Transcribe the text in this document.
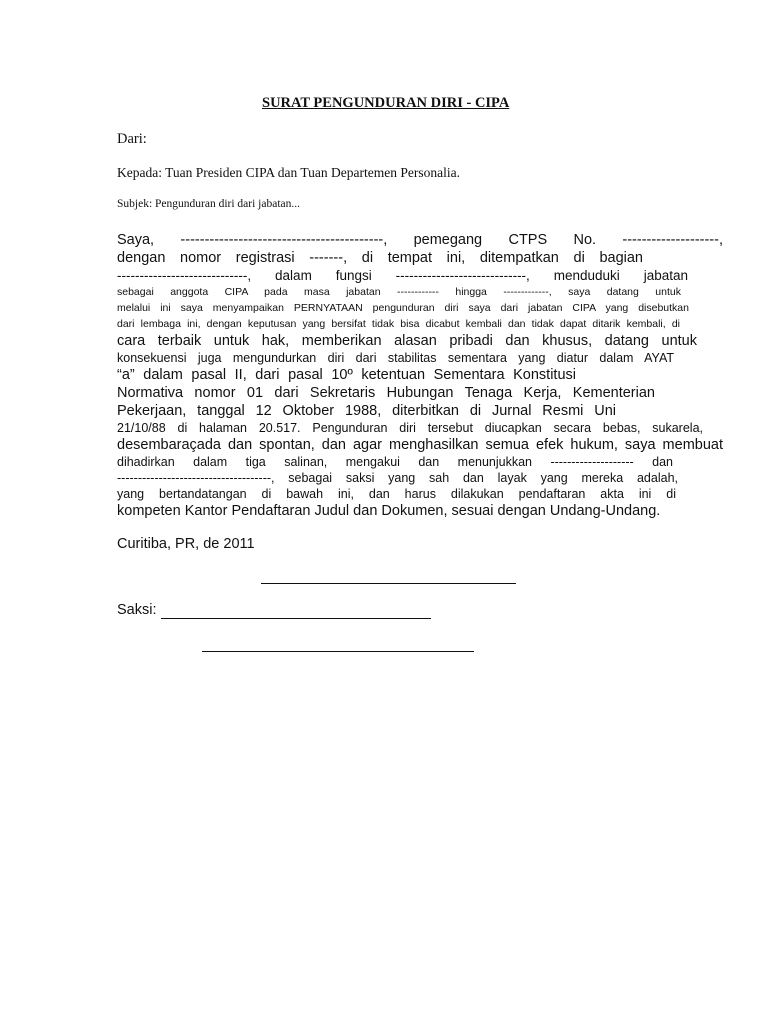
SURAT PENGUNDURAN DIRI - CIPA
Dari:
Kepada: Tuan Presiden CIPA dan Tuan Departemen Personalia.
Subjek: Pengunduran diri dari jabatan...
Saya, ------------------------------------------, pemegang CTPS No. --------------------,
dengan nomor registrasi -------, di tempat ini, ditempatkan di bagian
-----------------------------, dalam fungsi -----------------------------, menduduki jabatan
sebagai anggota CIPA pada masa jabatan ------------ hingga -------------, saya datang untuk
melalui ini saya menyampaikan PERNYATAAN pengunduran diri saya dari jabatan CIPA yang disebutkan
dari lembaga ini, dengan keputusan yang bersifat tidak bisa dicabut kembali dan tidak dapat ditarik kembali, di
cara terbaik untuk hak, memberikan alasan pribadi dan khusus, datang untuk
konsekuensi juga mengundurkan diri dari stabilitas sementara yang diatur dalam AYAT
“a” dalam pasal II, dari pasal 10º ketentuan Sementara Konstitusi
Normativa nomor 01 dari Sekretaris Hubungan Tenaga Kerja, Kementerian
Pekerjaan, tanggal 12 Oktober 1988, diterbitkan di Jurnal Resmi Uni
21/10/88 di halaman 20.517. Pengunduran diri tersebut diucapkan secara bebas, sukarela,
desembaraçada dan spontan, dan agar menghasilkan semua efek hukum, saya membuat
dihadirkan dalam tiga salinan, mengakui dan menunjukkan -------------------- dan
-------------------------------------, sebagai saksi yang sah dan layak yang mereka adalah,
yang bertandatangan di bawah ini, dan harus dilakukan pendaftaran akta ini di
kompeten Kantor Pendaftaran Judul dan Dokumen, sesuai dengan Undang-Undang.
Curitiba, PR, de 2011
Saksi:
